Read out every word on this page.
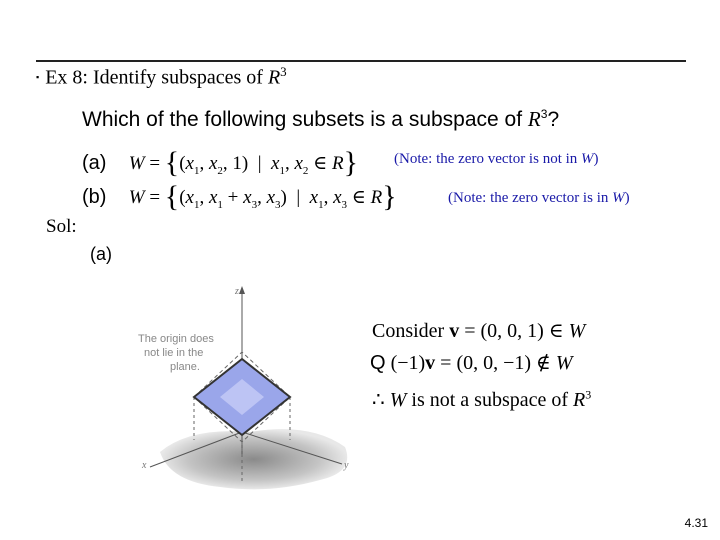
▪ Ex 8: Identify subspaces of $R^3$
Which of the following subsets is a subspace of $R^3$?
(a) $W = \{(x_1$, $x_2$, 1)  |  $x_1$, $x_2$ ∈ R} (Note: the zero vector is not in W)
(b) $W = \{(x_1$, $x_1 + x_3$, $x_3$)  |  $x_1$, $x_3$ ∈ R}	(Note: the zero vector is in W)
Sol:
(a)
The origin does
not lie in the
plane.
z
x	y
Consider v = (0, 0, 1) ∈ W
Q (−1)v = (0, 0, −1) ∉ W
∴ W is not a subspace of $R^3$
4.31
